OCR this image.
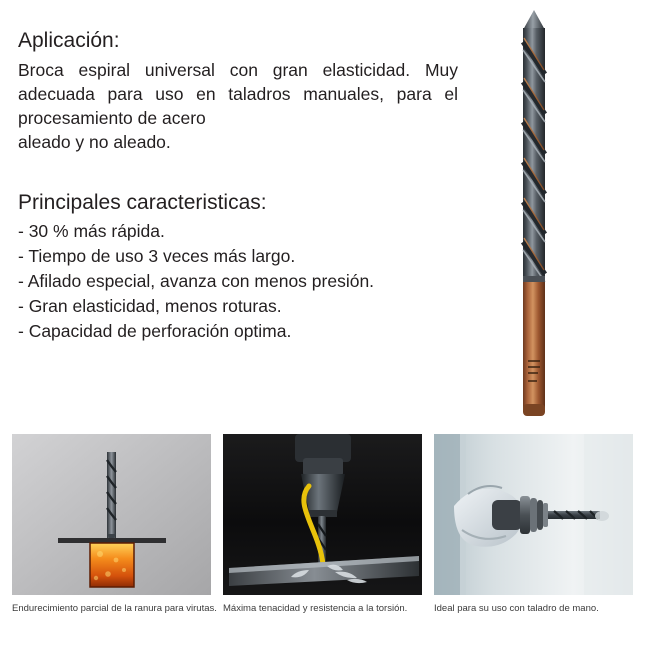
Aplicación:

Broca espiral universal con gran elasticidad. Muy adecuada para uso en taladros manuales, para el procesamiento de acero
aleado y no aleado.

Principales caracteristicas:
- 30 % más rápida.
- Tiempo de uso 3 veces más largo.
- Afilado especial, avanza con menos presión.
- Gran elasticidad, menos roturas.
- Capacidad de perforación optima.
Endurecimiento parcial de la ranura para virutas. Máxima tenacidad y resistencia a la torsión.	Ideal para su uso con taladro de mano.
